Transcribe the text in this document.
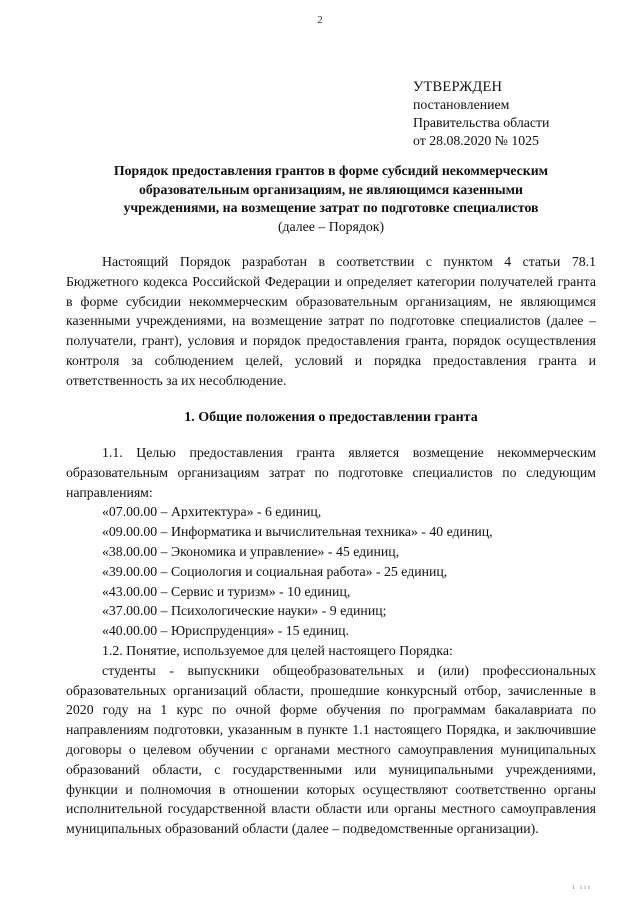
2
УТВЕРЖДЕН
постановлением
Правительства области
от 28.08.2020 № 1025
Порядок предоставления грантов в форме субсидий некоммерческим
образовательным организациям, не являющимся казенными
учреждениями, на возмещение затрат по подготовке специалистов
(далее – Порядок)

Настоящий Порядок разработан в соответствии с пунктом 4 статьи 78.1 Бюджетного кодекса Российской Федерации и определяет категории получателей гранта в форме субсидии некоммерческим образовательным организациям, не являющимся казенными учреждениями, на возмещение затрат по подготовке специалистов (далее – получатели, грант), условия и порядок предоставления гранта, порядок осуществления контроля за соблюдением целей, условий и порядка предоставления гранта и ответственность за их несоблюдение.

1. Общие положения о предоставлении гранта

1.1. Целью предоставления гранта является возмещение некоммерческим образовательным организациям затрат по подготовке специалистов по следующим направлениям:

«07.00.00 – Архитектура» - 6 единиц,

«09.00.00 – Информатика и вычислительная техника» - 40 единиц,

«38.00.00 – Экономика и управление» - 45 единиц,

«39.00.00 – Социология и социальная работа» - 25 единиц,

«43.00.00 – Сервис и туризм» - 10 единиц,

«37.00.00 – Психологические науки» - 9 единиц;

«40.00.00 – Юриспруденция» - 15 единиц.

1.2. Понятие, используемое для целей настоящего Порядка:

студенты - выпускники общеобразовательных и (или) профессиональных образовательных организаций области, прошедшие конкурсный отбор, зачисленные в 2020 году на 1 курс по очной форме обучения по программам бакалавриата по направлениям подготовки, указанным в пункте 1.1 настоящего Порядка, и заключившие договоры о целевом обучении с органами местного самоуправления муниципальных образований области, с государственными или муниципальными учреждениями, функции и полномочия в отношении которых осуществляют соответственно органы исполнительной государственной власти области или органы местного самоуправления муниципальных образований области (далее – подведомственные организации).

ı ııı
